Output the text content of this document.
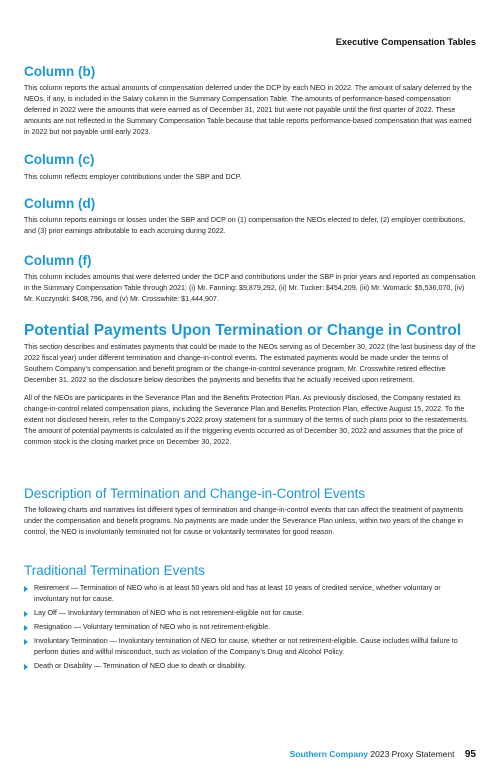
Executive Compensation Tables
Column (b)

This column reports the actual amounts of compensation deferred under the DCP by each NEO in 2022. The amount of salary deferred by the NEOs, if any, is included in the Salary column in the Summary Compensation Table. The amounts of performance-based compensation deferred in 2022 were the amounts that were earned as of December 31, 2021 but were not payable until the first quarter of 2022. These amounts are not reflected in the Summary Compensation Table because that table reports performance-based compensation that was earned in 2022 but not payable until early 2023.

Column (c)

This column reflects employer contributions under the SBP and DCP.

Column (d)

This column reports earnings or losses under the SBP and DCP on (1) compensation the NEOs elected to defer, (2) employer contributions, and (3) prior earnings attributable to each accruing during 2022.

Column (f)

This column includes amounts that were deferred under the DCP and contributions under the SBP in prior years and reported as compensation in the Summary Compensation Table through 2021: (i) Mr. Fanning: $9,879,292, (ii) Mr. Tucker: $454,209, (iii) Mr. Womack: $5,536,070, (iv) Mr. Kuczynski: $408,796, and (v) Mr. Crosswhite: $1,444,907.

Potential Payments Upon Termination or Change in Control

This section describes and estimates payments that could be made to the NEOs serving as of December 30, 2022 (the last business day of the 2022 fiscal year) under different termination and change-in-control events. The estimated payments would be made under the terms of Southern Company’s compensation and benefit program or the change-in-control severance program. Mr. Crosswhite retired effective December 31, 2022 so the disclosure below describes the payments and benefits that he actually received upon retirement.

All of the NEOs are participants in the Severance Plan and the Benefits Protection Plan. As previously disclosed, the Company restated its change-in-control related compensation plans, including the Severance Plan and Benefits Protection Plan, effective August 15, 2022. To the extent not disclosed herein, refer to the Company’s 2022 proxy statement for a summary of the terms of such plans prior to the restatements. The amount of potential payments is calculated as if the triggering events occurred as of December 30, 2022 and assumes that the price of common stock is the closing market price on December 30, 2022.

Description of Termination and Change-in-Control Events

The following charts and narratives list different types of termination and change-in-control events that can affect the treatment of payments under the compensation and benefit programs. No payments are made under the Severance Plan unless, within two years of the change in control, the NEO is involuntarily terminated not for cause or voluntarily terminates for good reason.

Traditional Termination Events
Retirement — Termination of NEO who is at least 50 years old and has at least 10 years of credited service, whether voluntary or involuntary not for cause.
Lay Off — Involuntary termination of NEO who is not retirement-eligible not for cause.
Resignation — Voluntary termination of NEO who is not retirement-eligible.
Involuntary Termination — Involuntary termination of NEO for cause, whether or not retirement-eligible. Cause includes willful failure to perform duties and willful misconduct, such as violation of the Company’s Drug and Alcohol Policy.
Death or Disability — Termination of NEO due to death or disability.
Southern Company 2023 Proxy Statement 95
